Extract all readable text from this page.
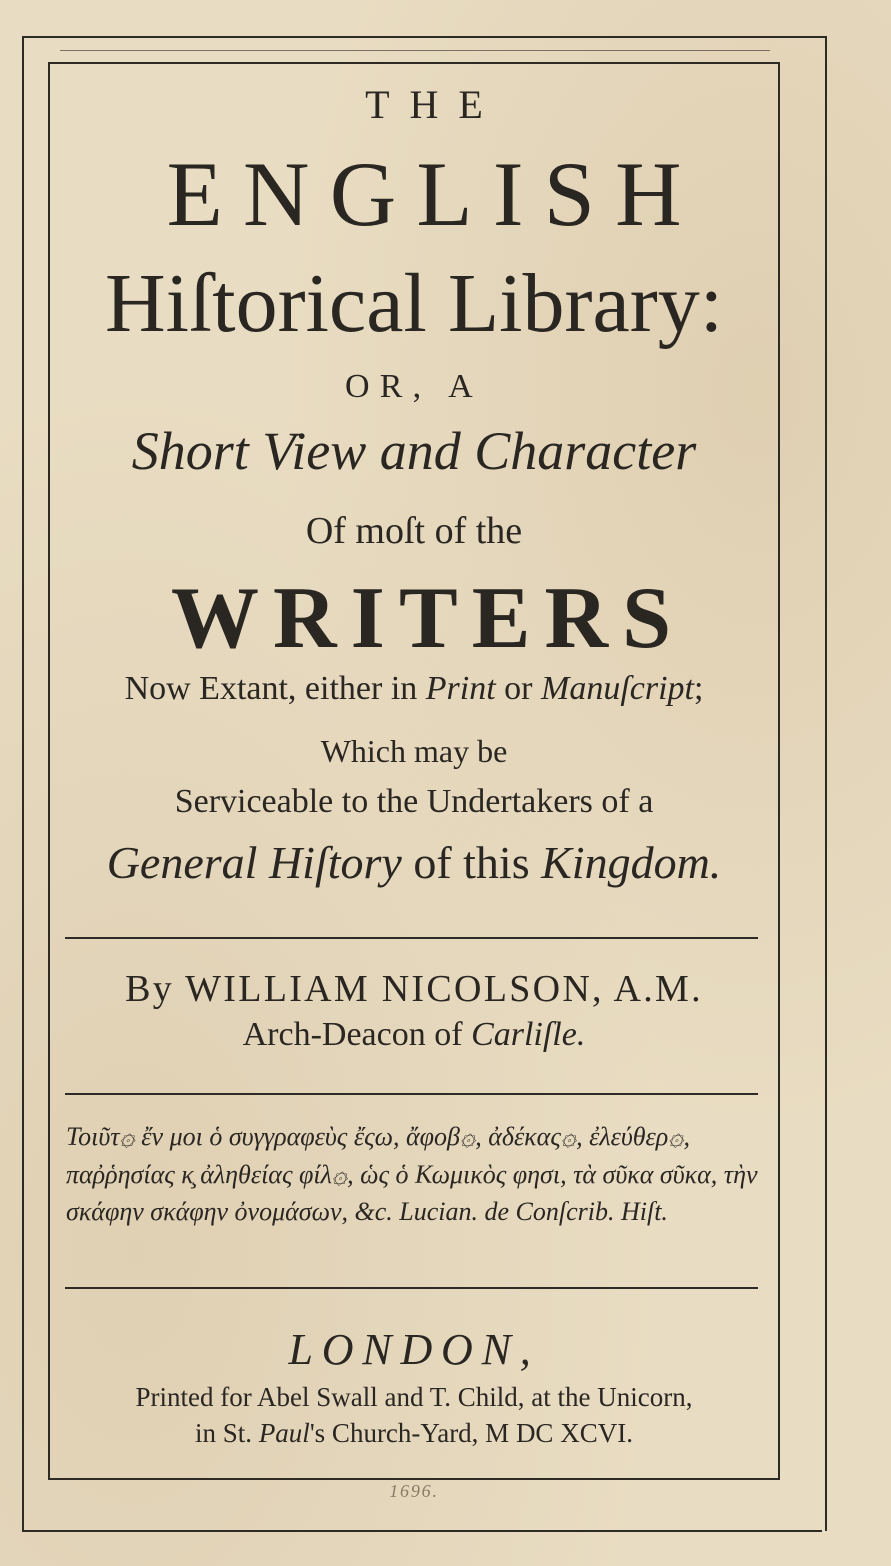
THE
ENGLISH
Hiſtorical Library:
OR, A
Short View and Character
Of moſt of the
WRITERS
Now Extant, either in Print or Manuſcript;
Which may be
Serviceable to the Undertakers of a
General Hiſtory of this Kingdom.
By WILLIAM NICOLSON, A.M.
Arch-Deacon of Carliſle.
Τοιῦτ۞ ἔν μοι ὁ συγγραφεὺς ἔςω, ἄφοβ۞, ἀδέκας۞, ἐλεύθερ۞, παῤῥησίας κ̧ ἀληθείας φίλ۞, ὡς ὁ Κωμικὸς φησι, τὰ σῦκα σῦκα, τὴν σκάφην σκάφην ὀνομάσων, &c. Lucian. de Conſcrib. Hiſt.
LONDON,
Printed for Abel Swall and T. Child, at the Unicorn,
in St. Paul's Church-Yard, M DC XCVI.
1696.
